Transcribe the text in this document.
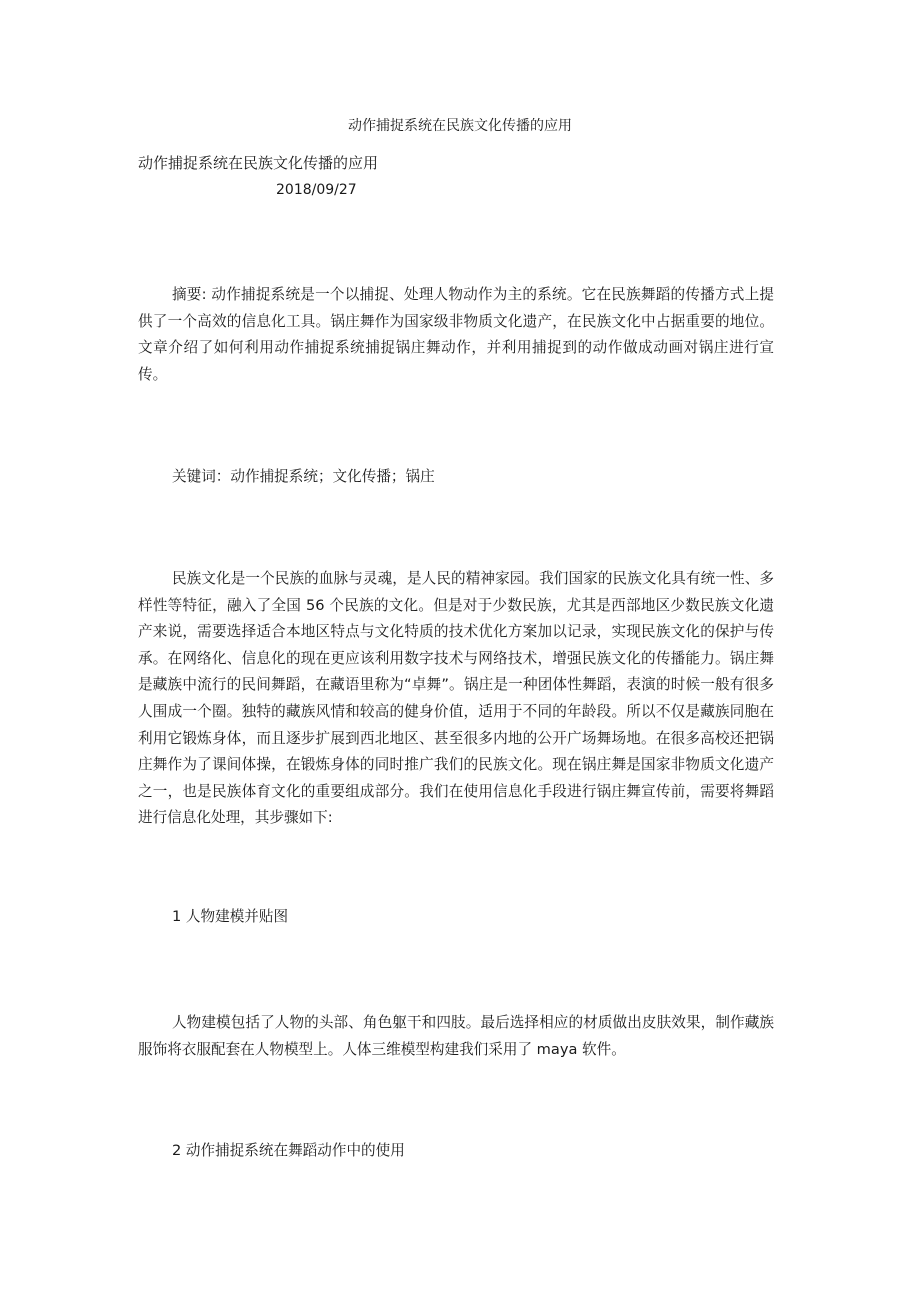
动作捕捉系统在民族文化传播的应用
动作捕捉系统在民族文化传播的应用
2018/09/27

摘要: 动作捕捉系统是一个以捕捉、处理人物动作为主的系统。它在民族舞蹈的传播方式上提供了一个高效的信息化工具。锅庄舞作为国家级非物质文化遗产，在民族文化中占据重要的地位。文章介绍了如何利用动作捕捉系统捕捉锅庄舞动作，并利用捕捉到的动作做成动画对锅庄进行宣传。

关键词：动作捕捉系统；文化传播；锅庄

民族文化是一个民族的血脉与灵魂，是人民的精神家园。我们国家的民族文化具有统一性、多样性等特征，融入了全国 56 个民族的文化。但是对于少数民族，尤其是西部地区少数民族文化遗产来说，需要选择适合本地区特点与文化特质的技术优化方案加以记录，实现民族文化的保护与传承。在网络化、信息化的现在更应该利用数字技术与网络技术，增强民族文化的传播能力。锅庄舞是藏族中流行的民间舞蹈，在藏语里称为“卓舞”。锅庄是一种团体性舞蹈，表演的时候一般有很多人围成一个圈。独特的藏族风情和较高的健身价值，适用于不同的年龄段。所以不仅是藏族同胞在利用它锻炼身体，而且逐步扩展到西北地区、甚至很多内地的公开广场舞场地。在很多高校还把锅庄舞作为了课间体操，在锻炼身体的同时推广我们的民族文化。现在锅庄舞是国家非物质文化遗产之一，也是民族体育文化的重要组成部分。我们在使用信息化手段进行锅庄舞宣传前，需要将舞蹈进行信息化处理，其步骤如下:

1 人物建模并贴图

人物建模包括了人物的头部、角色躯干和四肢。最后选择相应的材质做出皮肤效果，制作藏族服饰将衣服配套在人物模型上。人体三维模型构建我们采用了 maya 软件。

2 动作捕捉系统在舞蹈动作中的使用
